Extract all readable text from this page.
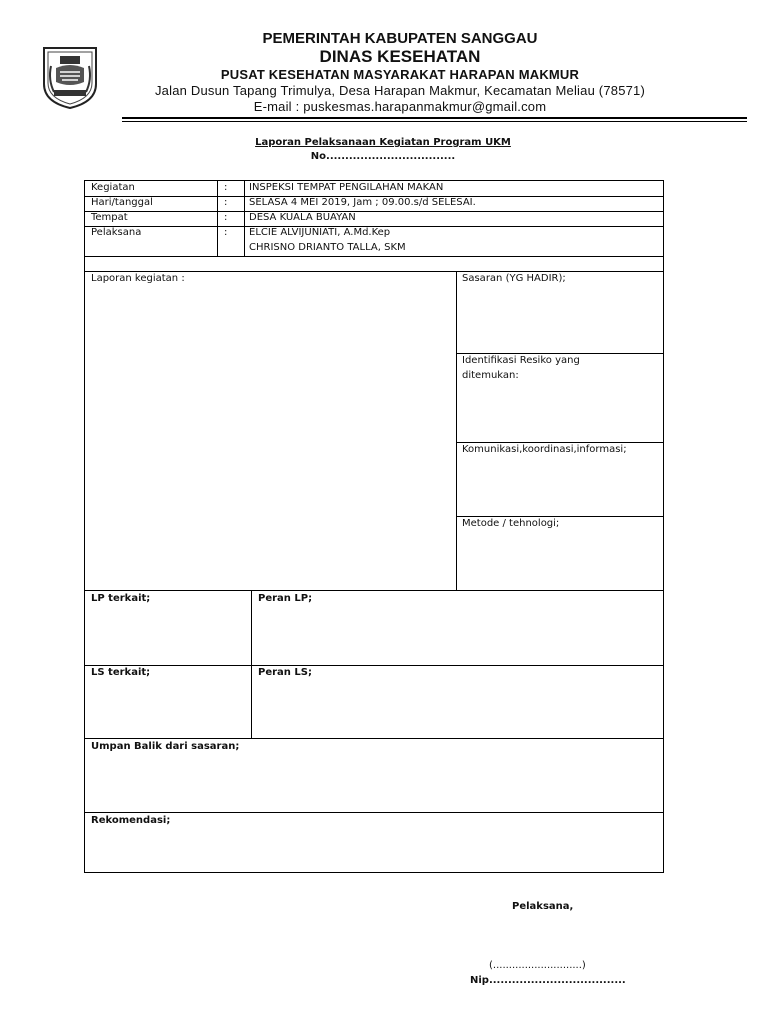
PEMERINTAH KABUPATEN SANGGAU
DINAS KESEHATAN
PUSAT KESEHATAN MASYARAKAT HARAPAN MAKMUR
Jalan Dusun Tapang Trimulya, Desa Harapan Makmur, Kecamatan Meliau (78571)
E-mail : puskesmas.harapanmakmur@gmail.com
Laporan Pelaksanaan Kegiatan Program UKM
No..................................
Kegiatan	: INSPEKSI TEMPAT PENGILAHAN MAKAN
Hari/tanggal	: SELASA 4 MEI 2019, Jam ; 09.00.s/d SELESAI.
Tempat	: DESA KUALA BUAYAN
Pelaksana	: ELCIE ALVIJUNIATI, A.Md.Kep
CHRISNO DRIANTO TALLA, SKM
Laporan kegiatan :	Sasaran (YG HADIR);
Identifikasi Resiko yang
ditemukan:
Komunikasi,koordinasi,informasi;
Metode / tehnologi;
LP terkait;	Peran LP;
LS terkait;	Peran LS;
Umpan Balik dari sasaran;
Rekomendasi;
Pelaksana,
(............................)
Nip....................................
